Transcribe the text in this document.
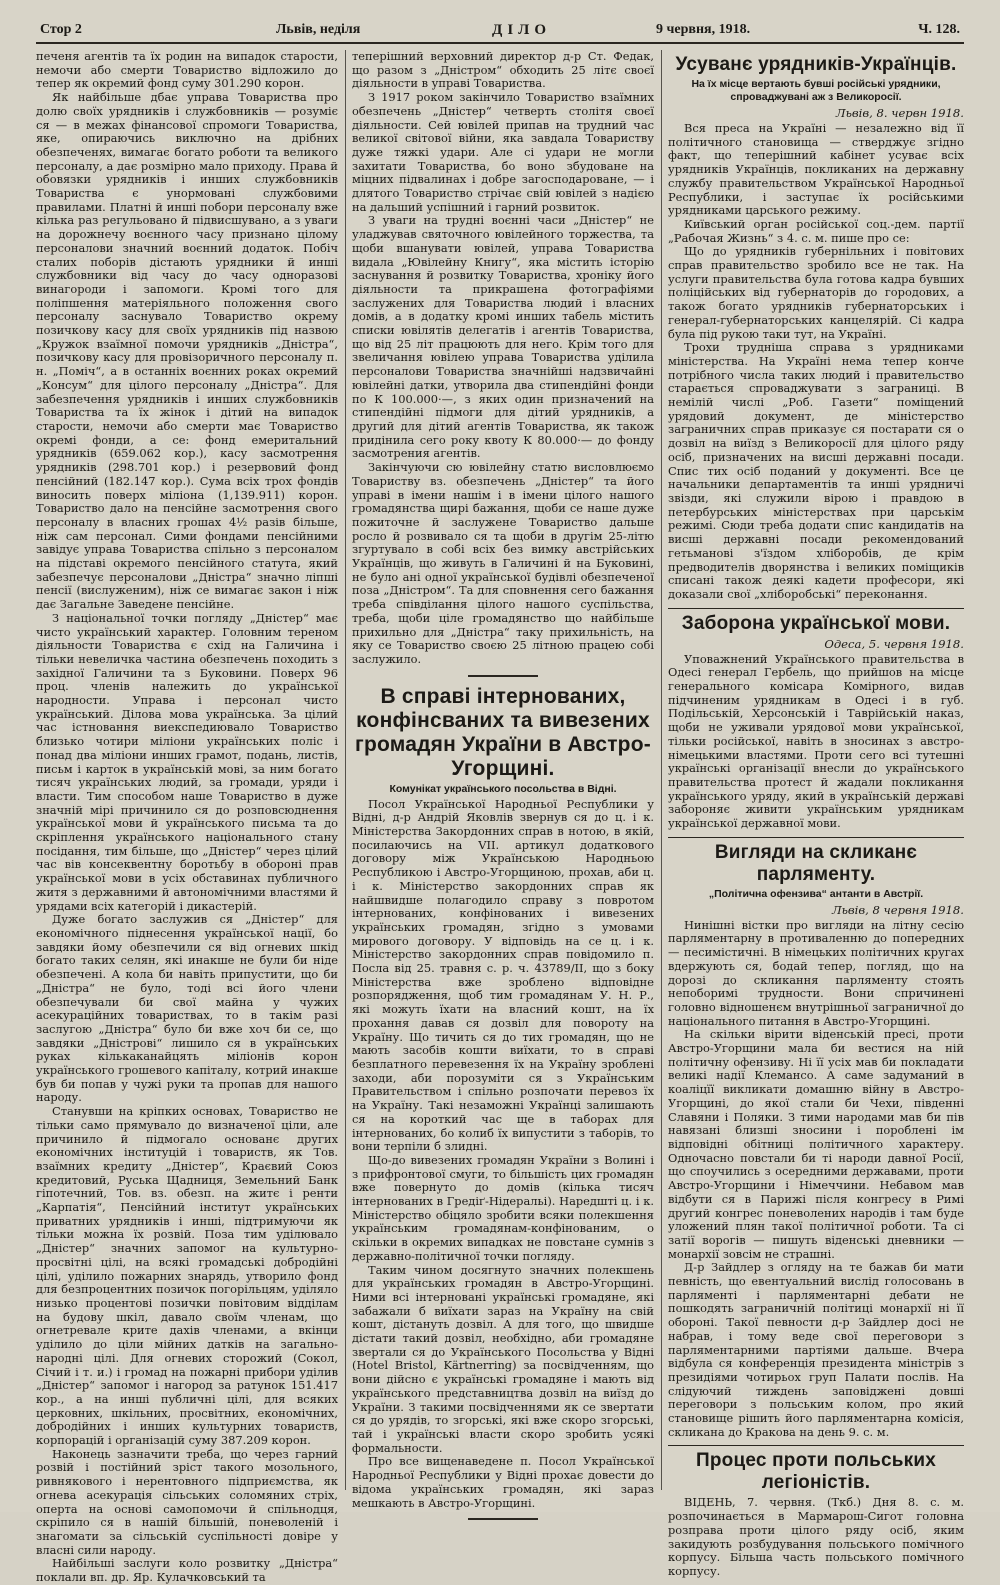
Стор 2	Львів, неділя	ДІЛО	9 червня, 1918.	Ч. 128.

печеня агентів та їх родин на випадок старости, немочи або смерти Товариство відложило до тепер як окремий фонд суму 301.290 корон.

Як найбільше дбає управа Товариства про долю своїх урядників і службовників — розуміє ся — в межах фінансової спромоги Товариства, яке, опираючись виключно на дрібних обезпеченях, вимагає богато роботи та великого персоналу, а дає розмірно мало приходу. Права й обовязки урядників і инших службовників Товариства є унормовані службовими правилами. Платні й инші побори персоналу вже кілька раз регульовано й підвисшувано, а з уваги на дорожнечу воєнного часу признано цілому персоналови значний воєнний додаток. Побіч сталих поборів дістають урядники й инші службовники від часу до часу одноразові винагороди і запомоги. Кромі того для поліпшення матеріяльного положення свого персоналу заснувало Товариство окрему позичкову касу для своїх урядників під назвою „Кружок взаїмної помочи урядників „Дністра“, позичкову касу для провізоричного персоналу п. н. „Поміч“, а в останніх воєнних роках окремий „Консум“ для цілого персоналу „Дністра“. Для забезпечення урядників і инших службовників Товариства та їх жінок і дітий на випадок старости, немочи або смерти має Товариство окремі фонди, а се: фонд емеритальний урядників (659.062 кор.), касу засмотрення урядників (298.701 кор.) і резервовий фонд пенсійний (182.147 кор.). Сума всіх трох фондів виносить поверх міліона (1,139.911) корон. Товариство дало на пенсійне засмотрення свого персоналу в власних грошах 4½ разів більше, ніж сам персонал. Сими фондами пенсійними завідує управа Товариства спільно з персоналом на підставі окремого пенсійного статута, який забезпечує персоналови „Дністра“ значно ліпші пенсії (вислуженим), ніж се вимагає закон і ніж дає Загальне Заведене пенсійне.

З національної точки погляду „Дністер“ має чисто український характер. Головним тереном діяльности Товариства є схід на Галичина і тільки невеличка частина обезпечень походить з західної Галичини та з Буковини. Поверх 96 проц. членів належить до української народности. Управа і персонал чисто український. Ділова мова українська. За цілий час істновання виекспедиювало Товариство близько чотири міліони українських поліс і понад два міліони инших грамот, подань, листів, письм і карток в українській мові, за ним богато тисяч українських людий, за громади, уряди і власти. Тим способом наше Товариство в дуже значній мірі причинило ся до розповсюднення української мови й українського письма та до скріплення українського національного стану посідання, тим більше, що „Дністер“ через цілий час вів консеквентну боротьбу в обороні прав української мови в усіх обставинах публичного житя з державними й автономічними властями й урядами всіх категорій і дикастерій.

Дуже богато заслужив ся „Дністер“ для економічного піднесення української нації, бо завдяки йому обезпечили ся від огневих шкід богато таких селян, які инакше не були би ніде обезпечені. А кола би навіть припустити, що би „Дністра“ не було, тоді всі його члени обезпечували би свої майна у чужих асекураційних товариствах, то в такім разі заслугою „Дністра“ було би вже хоч би се, що завдяки „Дністрові“ лишило ся в українських руках кількаканайцять міліонів корон українського грошевого капіталу, котрий инакше був би попав у чужі руки та пропав для нашого народу.

Станувши на кріпких основах, Товариство не тільки само прямувало до визначеної ціли, але причинило й підмогало основанє других економічних інституцій і товариств, як Тов. взаїмних кредиту „Дністер“, Краєвий Союз кредитовий, Руська Щадниця, Земельний Банк гіпотечний, Тов. вз. обезп. на житє і ренти „Карпатія“, Пенсійний інститут українських приватних урядників і инші, підтримуючи як тільки можна їх розвій. Поза тим уділювало „Дністер“ значних запомог на культурно-просвітні цілі, на всякі громадські добродійні цілі, уділило пожарних знарядь, утворило фонд для безпроцентних позичок погорільцям, уділяло низько процентові позички повітовим відділам на будову шкіл, давало своїм членам, що огнетревале крите дахів членами, а вкінци уділило до ціли мійних датків на загально-народні цілі. Для огневих сторожий (Сокол, Січий і т. и.) і громад на пожарні прибори уділив „Дністер“ запомог і нагород за ратунок 151.417 кор., а на инші публичні цілі, для всяких церковних, шкільних, просвітних, економічних, добродійних і инших культурних товариств, корпорацій і організацій суму 387.209 корон.

Наконець зазначити треба, що через гарний розвій і постійний зріст такого мозольного, ривнякового і нерентовного підприємства, як огнева асекурація сільських соломяних стріх, оперта на основі самопомочи й спільнодця, скріпило ся в нашій більшій, поневоленій і знагомати за сільській суспільності довіре у власні сили народу.

Найбільші заслуги коло розвитку „Дністра“ поклали вп. др. Яр. Кулачковський та

теперішний верховний директор д-р Ст. Федак, що разом з „Дністром“ обходить 25 літє своєї діяльности в управі Товариства.

З 1917 роком закінчило Товариство взаїмних обезпечень „Дністер“ четверть столітя своєї діяльности. Сей ювілей припав на трудний час великої світової війни, яка завдала Товариству дуже тяжкі удари. Але сі удари не могли захитати Товариства, бо воно збудоване на міцних підвалинах і добре загосподароване, — і длятого Товариство стрічає свій ювілей з надією на дальший успішний і гарний розвиток.

З уваги на трудні воєнні часи „Дністер“ не уладжував святочного ювілейного торжества, та щоби вшанувати ювілей, управа Товариства видала „Ювілейну Книгу“, яка містить історію заснування й розвитку Товариства, хроніку його діяльности та прикрашена фотографіями заслужених для Товариства людий і власних домів, а в додатку кромі инших табель містить списки ювілятів делегатів і агентів Товариства, що від 25 літ працюють для него. Крім того для звеличання ювілею управа Товариства уділила персоналови Товариства значнійші надзвичайні ювілейні датки, утворила два стипендійні фонди по К 100.000·—, з яких один призначений на стипендійні підмоги для дітий урядників, а другий для дітий агентів Товариства, як також придінила сего року квоту К 80.000·— до фонду засмотрения агентів.

Закінчуючи сю ювілейну статю висловлюємо Товариству вз. обезпечень „Дністер“ та його управі в імени нашім і в імени цілого нашого громадянства щирі бажання, щоби се наше дуже пожиточне й заслужене Товариство дальше росло й розвивало ся та щоби в другім 25-літю згуртувало в собі всіх без вимку австрійських Українців, що живуть в Галичині й на Буковині, не було ані одної української будівлі обезпеченої поза „Дністром“. Та для сповнення сего бажання треба співділання цілого нашого суспільства, треба, щоби ціле громадянство що найбільше прихильно для „Дністра“ таку прихильність, на яку се Товариство своєю 25 літною працею собі заслужило.

В справі інтернованих, конфінсваних та вивезених громадян України в Австро-Угорщині.
Комунікат українського посольства в Відні.

Посол Української Народньої Республики у Відні, д-р Андрій Яковлів звернув ся до ц. і к. Міністерства Закордонних справ в нотою, в якій, посилаючись на VII. артикул додаткового договору між Українською Народньою Республикою і Австро-Угорщиною, прохав, аби ц. і к. Міністерство закордонних справ як найшвидше полагодило справу з повротом інтернованих, конфінованих і вивезених українських громадян, згідно з умовами мирового договору. У відповідь на се ц. і к. Міністерство закордонних справ повідомило п. Посла від 25. травня с. р. ч. 43789/II, що з боку Міністерства вже зроблено відповідне розпорядження, щоб тим громадянам У. Н. Р., які можуть їхати на власний кошт, на їх прохання давав ся дозвіл для повороту на Україну. Що тичить ся до тих громадян, що не мають засобів кошти виїхати, то в справі безплатного перевезення їх на Україну зроблені заходи, аби порозуміти ся з Українським Правительством і спільно розпочати перевоз їх на Україну. Такі незаможні Українці залишають ся на короткий час ще в таборах для інтернованих, бо колиб їх випустити з таборів, то вони терпіли б злидні.

Що-до вивезених громадян України з Волині і з прифронтової смуги, то більшість цих громадян вже повернуто до домів (кілька тисяч інтернованих в Гредіґ-Нідеральі). Наредшті ц. і к. Міністерство обіцяло зробити всяки полекшення українським громадянам-конфінованим, о скільки в окремих випадках не повстане сумнів з державно-політичної точки погляду.

Таким чином досягнуто значних полекшень для українських громадян в Австро-Угорщині. Ними всі інтерновані українські громадяне, які забажали б виїхати зараз на Україну на свій кошт, дістануть дозвіл. А для того, що швидше дістати такий дозвіл, необхідно, аби громадяне звертали ся до Українського Посольства у Відні (Hotel Bristol, Kärtnerring) за посвідченням, що вони дійсно є українські громадяне і мають від українського представництва дозвіл на виїзд до України. З такими посвідченнями як се звертати ся до урядів, то згорські, які вже скоро згорські, тай і українські власти скоро зробить усякі формальности.

Про все вищенаведене п. Посол Української Народньої Республики у Відні прохає довести до відома українських громадян, які зараз мешкають в Австро-Угорщині.

Усуванє урядників-Українців.
На їх місце вертають бувші російські урядники, спроваджувані аж з Великоросії.
Львів, 8. червн 1918.

Вся преса на Україні — незалежно від її політичного становища — стверджує згідно факт, що теперішний кабінет усуває всіх урядників Українців, покликаних на державну службу правительством Української Народньої Республики, і заступає їх російськими урядниками царського режиму.

Київський орган російської соц.-дем. партії „Рабочая Жизнь“ з 4. с. м. пише про се:

Що до урядників губернільних і повітових справ правительство зробило все не так. На услуги правительства була готова кадра бувших поліційських від губернаторів до городових, а також богато урядників губернаторських і генерал-губернаторських канцелярій. Сі кадра була під рукою таки тут, на Україні.

Трохи трудніша справа з урядниками міністерства. На Україні нема тепер конче потрібного числа таких людий і правительство старається спроваджувати з заграниці. В немілій числі „Роб. Газети“ поміщений урядовий документ, де міністерство заграничних справ приказує ся постарати ся о дозвіл на виїзд з Великоросії для цілого ряду осіб, призначених на висші державні посади. Спис тих осіб поданий у документі. Все це начальники департаментів та инші урядничі звізди, які служили вірою і правдою в петербурських міністерствах при царськім режимі. Сюди треба додати спис кандидатів на висші державні посади рекомендований гетьманові з'їздом хліборобів, де крім предводителів дворянства і великих поміщиків списані також деякі кадети професори, які доказали свої „хліборобські“ переконання.

Заборона української мови.
Одеса, 5. червня 1918.

Уповажнений Українського правительства в Одесі генерал Гербель, що прийшов на місце генерального комісара Комірного, видав підчиненим урядникам в Одесі і в губ. Подільській, Херсонській і Таврійській наказ, щоби не уживали урядової мови української, тільки російської, навіть в зносинах з австро-німецькими властями. Проти сего всі тутешні українські організації внесли до українського правительства протест й жадали покликання українського уряду, який в українській державі забороняє живити українським урядникам української державної мови.

Вигляди на скликанє парляменту.
„Політична офензива“ антанти в Австрії.
Львів, 8 червня 1918.

Нинішні вістки про вигляди на літну сесію парляментарну в противаленню до попередних — песимістичні. В німецьких політичних кругах вдержують ся, бодай тепер, погляд, що на дорозі до скликання парляменту стоять непоборимі трудности. Вони спричинені головно відношенєм внутрішньої заграничної до національного питання в Австро-Угорщині.

На скільки вірити віденській пресі, проти Австро-Угорщини мала би вестися на ній політичну офензиву. Ні її усіх мав би покладати великі надії Клемансо. А саме задуманий в коаліцїї викликати домашню війну в Австро-Угорщині, до якої стали би Чехи, південні Славяни і Поляки. З тими народами мав би пів навязані близші зносини і пороблені ім відповідні обітниці політичного характеру. Одночасно повстали би ті народи давної Росії, що споучились з осередними державами, проти Австро-Угорщини і Німеччини. Небавом мав відбути ся в Парижі після конгресу в Римі другий конгрес поневолених народів і там буде уложений плян такої політичної роботи. Та сі затії ворогів — пишуть віденські дневники — монархії зовсім не страшні.

Д-р Зайдлер з огляду на те бажав би мати певність, що евентуальний вислід голосовань в парляменті і парляментарні дебати не пошкодять заграничній політиці монархії ні її обороні. Такої певности д-р Зайдлер досі не набрав, і тому веде свої переговори з парляментарними партіями дальше. Вчера відбула ся конференція президента міністрів з президіями чотирьох груп Палати послів. На слідуючий тиждень заповіджені довші переговори з польським колом, про який становище рішить його парляментарна комісія, скликана до Кракова на день 9. с. м.

Процес проти польських легіоністів.

ВІДЕНЬ, 7. червня. (Ткб.) Дня 8. с. м. розпочинається в Мармарош-Сигот головна розправа проти цілого ряду осіб, яким закидують розбудування польського помічного корпусу. Більша часть польського помічного корпусу.
